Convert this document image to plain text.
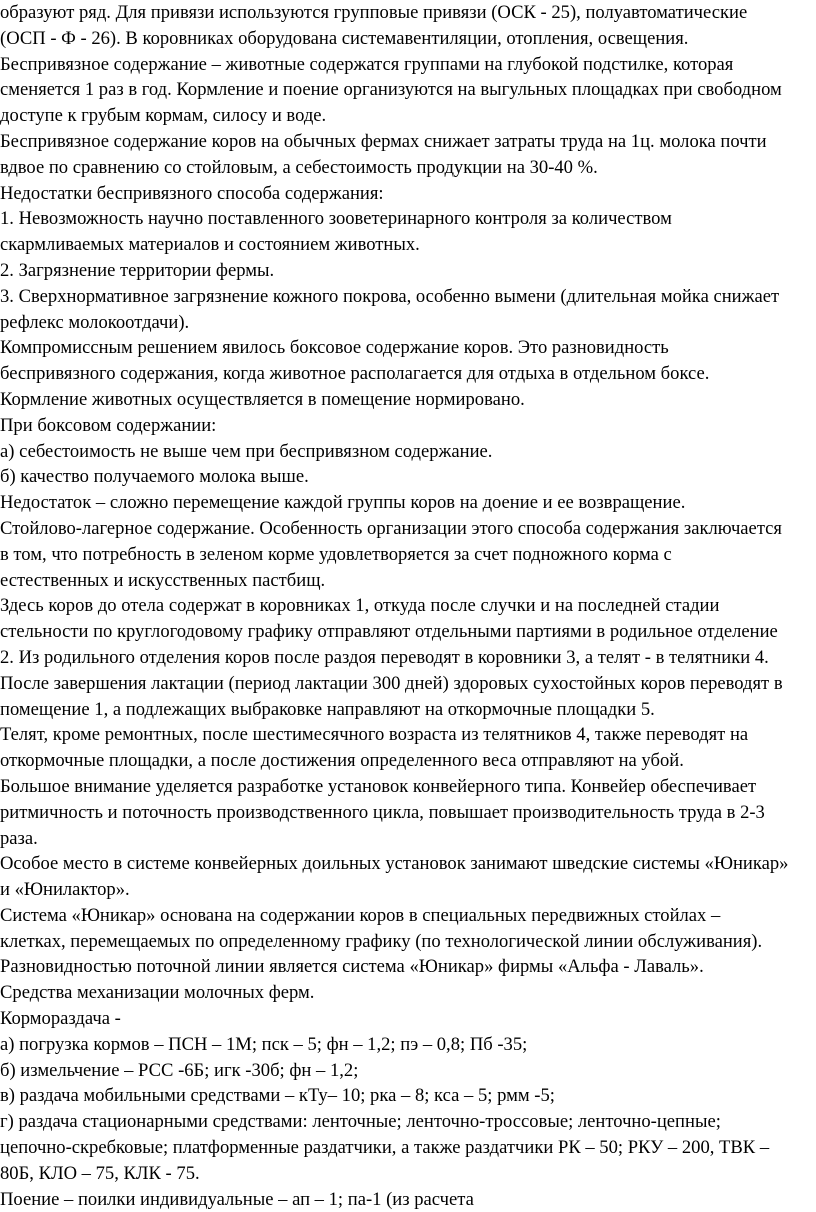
образуют ряд. Для привязи используются групповые привязи (ОСК - 25), полуавтоматические
(ОСП - Ф - 26). В коровниках оборудована системавентиляции, отопления, освещения.
Беспривязное содержание – животные содержатся группами на глубокой подстилке, которая
сменяется 1 раз в год. Кормление и поение организуются на выгульных площадках при свободном
доступе к грубым кормам, силосу и воде.
Беспривязное содержание коров на обычных фермах снижает затраты труда на 1ц. молока почти
вдвое по сравнению со стойловым, а себестоимость продукции на 30-40 %.
Недостатки беспривязного способа содержания:
1. Невозможность научно поставленного зооветеринарного контроля за количеством
скармливаемых материалов и состоянием животных.
2. Загрязнение территории фермы.
3. Сверхнормативное загрязнение кожного покрова, особенно вымени (длительная мойка снижает
рефлекс молокоотдачи).
Компромиссным решением явилось боксовое содержание коров. Это разновидность
беспривязного содержания, когда животное располагается для отдыха в отдельном боксе.
Кормление животных осуществляется в помещение нормировано.
При боксовом содержании:
а) себестоимость не выше чем при беспривязном содержание.
б) качество получаемого молока выше.
Недостаток – сложно перемещение каждой группы коров на доение и ее возвращение.
Стойлово-лагерное содержание. Особенность организации этого способа содержания заключается
в том, что потребность в зеленом корме удовлетворяется за счет подножного корма с
естественных и искусственных пастбищ.
Здесь коров до отела содержат в коровниках 1, откуда после случки и на последней стадии
стельности по круглогодовому графику отправляют отдельными партиями в родильное отделение
2. Из родильного отделения коров после раздоя переводят в коровники 3, а телят - в телятники 4.
После завершения лактации (период лактации 300 дней) здоровых сухостойных коров переводят в
помещение 1, а подлежащих выбраковке направляют на откормочные площадки 5.
Телят, кроме ремонтных, после шестимесячного возраста из телятников 4, также переводят на
откормочные площадки, а после достижения определенного веса отправляют на убой.
Большое внимание уделяется разработке установок конвейерного типа. Конвейер обеспечивает
ритмичность и поточность производственного цикла, повышает производительность труда в 2-3
раза.
Особое место в системе конвейерных доильных установок занимают шведские системы «Юникар»
и «Юнилактор».
Система «Юникар» основана на содержании коров в специальных передвижных стойлах –
клетках, перемещаемых по определенному графику (по технологической линии обслуживания).
Разновидностью поточной линии является система «Юникар» фирмы «Альфа - Лаваль».
Средства механизации молочных ферм.
Кормораздача -
а) погрузка кормов – ПСН – 1М; пск – 5; фн – 1,2; пэ – 0,8; Пб -35;
б) измельчение – РСС -6Б; игк -30б; фн – 1,2;
в) раздача мобильными средствами – кТу– 10; рка – 8; кса – 5; рмм -5;
г) раздача стационарными средствами: ленточные; ленточно-троссовые; ленточно-цепные;
цепочно-скребковые; платформенные раздатчики, а также раздатчики РК – 50; РКУ – 200, ТВК –
80Б, КЛО – 75, КЛК - 75.
Поение – поилки индивидуальные – ап – 1; па-1 (из расчета
